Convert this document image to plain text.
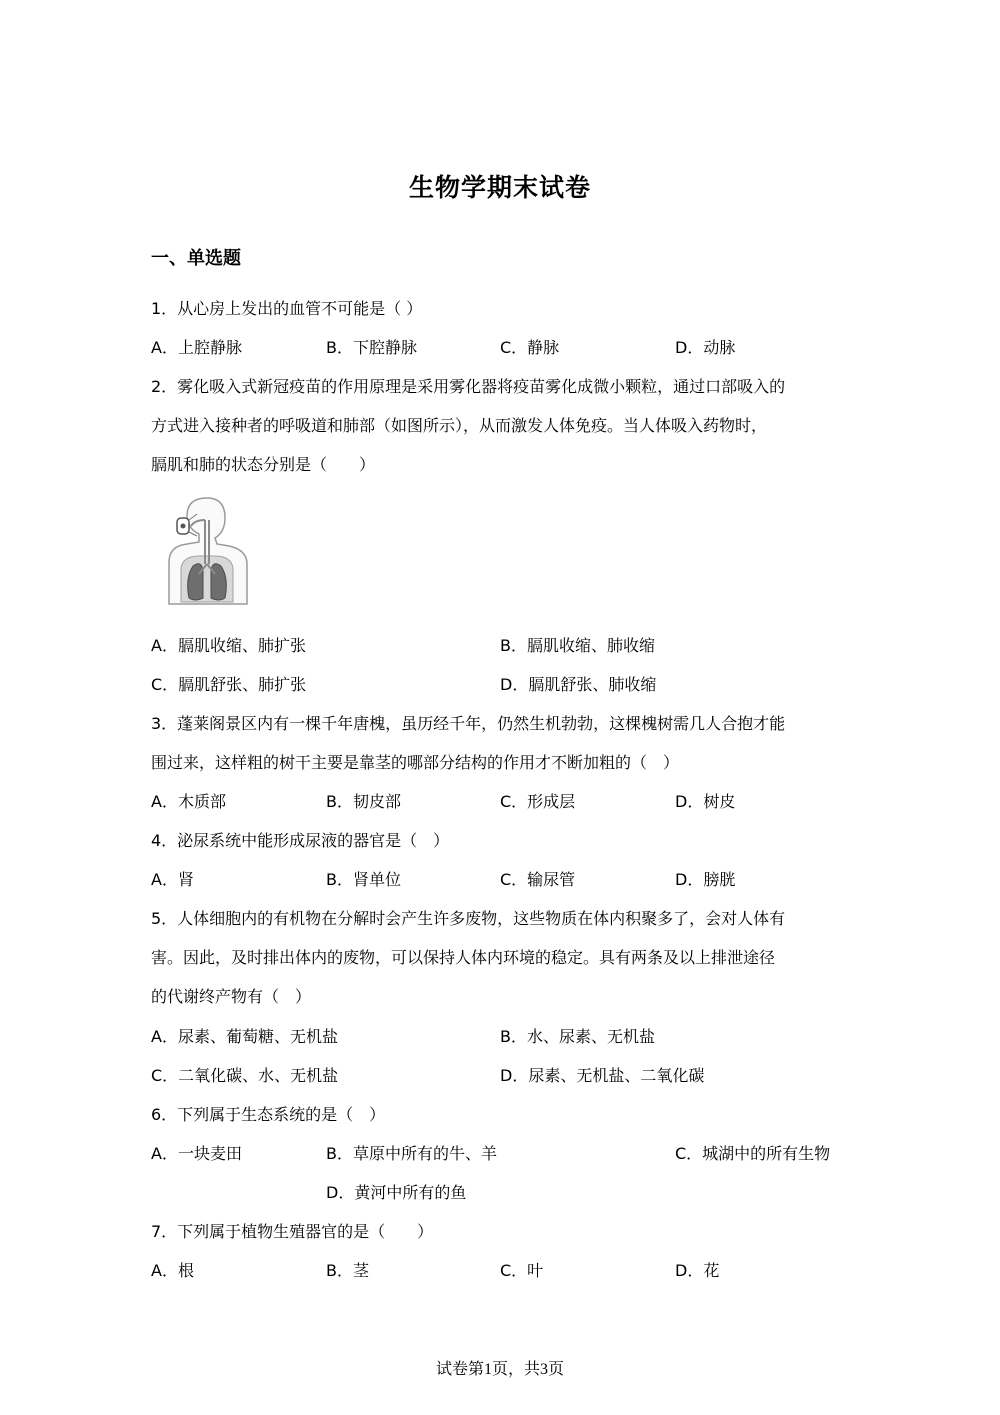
生物学期末试卷
一、单选题
1．从心房上发出的血管不可能是（ ）
A．上腔静脉	B．下腔静脉	C．静脉	D．动脉
2．雾化吸入式新冠疫苗的作用原理是采用雾化器将疫苗雾化成微小颗粒，通过口部吸入的
方式进入接种者的呼吸道和肺部（如图所示），从而激发人体免疫。当人体吸入药物时，
膈肌和肺的状态分别是（　　）
A．膈肌收缩、肺扩张	B．膈肌收缩、肺收缩
C．膈肌舒张、肺扩张	D．膈肌舒张、肺收缩
3．蓬莱阁景区内有一棵千年唐槐，虽历经千年，仍然生机勃勃，这棵槐树需几人合抱才能
围过来，这样粗的树干主要是靠茎的哪部分结构的作用才不断加粗的（　）
A．木质部	B．韧皮部	C．形成层	D．树皮
4．泌尿系统中能形成尿液的器官是（　）
A．肾	B．肾单位	C．输尿管	D．膀胱
5．人体细胞内的有机物在分解时会产生许多废物，这些物质在体内积聚多了，会对人体有
害。因此，及时排出体内的废物，可以保持人体内环境的稳定。具有两条及以上排泄途径
的代谢终产物有（　）
A．尿素、葡萄糖、无机盐	B．水、尿素、无机盐
C．二氧化碳、水、无机盐	D．尿素、无机盐、二氧化碳
6．下列属于生态系统的是（　）
A．一块麦田	B．草原中所有的牛、羊	C．城湖中的所有生物
D．黄河中所有的鱼
7．下列属于植物生殖器官的是（　　）
A．根	B．茎	C．叶	D．花
试卷第1页，共3页
